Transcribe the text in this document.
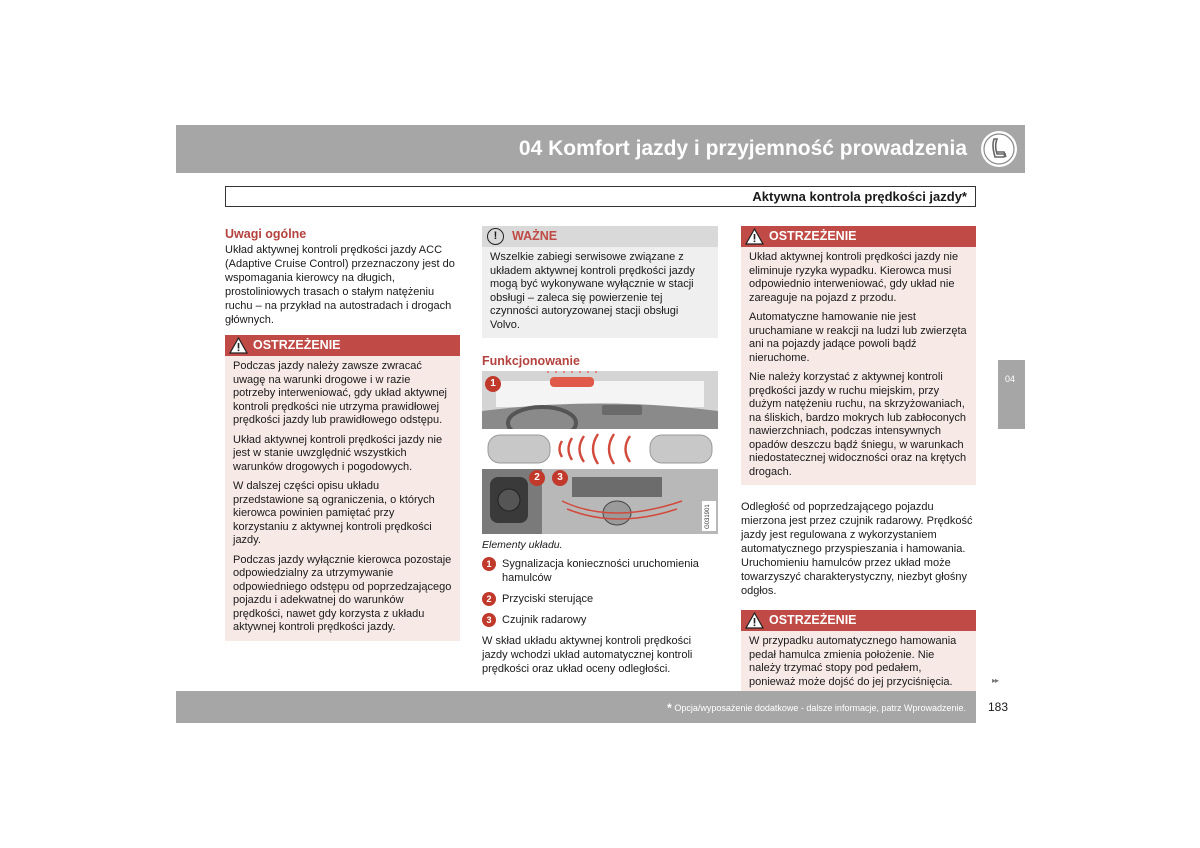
04 Komfort jazdy i przyjemność prowadzenia
Aktywna kontrola prędkości jazdy*
04
Uwagi ogólne

Układ aktywnej kontroli prędkości jazdy ACC (Adaptive Cruise Control) przeznaczony jest do wspomagania kierowcy na długich, prostoliniowych trasach o stałym natężeniu ruchu – na przykład na autostradach i drogach głównych.

OSTRZEŻENIE

Podczas jazdy należy zawsze zwracać uwagę na warunki drogowe i w razie potrzeby interweniować, gdy układ aktywnej kontroli prędkości nie utrzyma prawidłowej prędkości jazdy lub prawidłowego odstępu.

Układ aktywnej kontroli prędkości jazdy nie jest w stanie uwzględnić wszystkich warunków drogowych i pogodowych.

W dalszej części opisu układu przedstawione są ograniczenia, o których kierowca powinien pamiętać przy korzystaniu z aktywnej kontroli prędkości jazdy.

Podczas jazdy wyłącznie kierowca pozostaje odpowiedzialny za utrzymywanie odpowiedniego odstępu od poprzedzającego pojazdu i adekwatnej do warunków prędkości, nawet gdy korzysta z układu aktywnej kontroli prędkości jazdy.

!	WAŻNE
Wszelkie zabiegi serwisowe związane z układem aktywnej kontroli prędkości jazdy mogą być wykonywane wyłącznie w stacji obsługi – zaleca się powierzenie tej czynności autoryzowanej stacji obsługi Volvo.
Funkcjonowanie
1
2	3
G031901
Elementy układu.
1 Sygnalizacja konieczności uruchomienia hamulców
2 Przyciski sterujące
3 Czujnik radarowy

W skład układu aktywnej kontroli prędkości jazdy wchodzi układ automatycznej kontroli prędkości oraz układ oceny odległości.

OSTRZEŻENIE

Układ aktywnej kontroli prędkości jazdy nie eliminuje ryzyka wypadku. Kierowca musi odpowiednio interweniować, gdy układ nie zareaguje na pojazd z przodu.

Automatyczne hamowanie nie jest uruchamiane w reakcji na ludzi lub zwierzęta ani na pojazdy jadące powoli bądź nieruchome.

Nie należy korzystać z aktywnej kontroli prędkości jazdy w ruchu miejskim, przy dużym natężeniu ruchu, na skrzyżowaniach, na śliskich, bardzo mokrych lub zabłoconych nawierzchniach, podczas intensywnych opadów deszczu bądź śniegu, w warunkach niedostatecznej widoczności oraz na krętych drogach.

Odległość od poprzedzającego pojazdu mierzona jest przez czujnik radarowy. Prędkość jazdy jest regulowana z wykorzystaniem automatycznego przyspieszania i hamowania. Uruchomieniu hamulców przez układ może towarzyszyć charakterystyczny, niezbyt głośny odgłos.

OSTRZEŻENIE

W przypadku automatycznego hamowania pedał hamulca zmienia położenie. Nie należy trzymać stopy pod pedałem, ponieważ może dojść do jej przyciśnięcia.	▸▸
* Opcja/wyposażenie dodatkowe - dalsze informacje, patrz Wprowadzenie. 183
